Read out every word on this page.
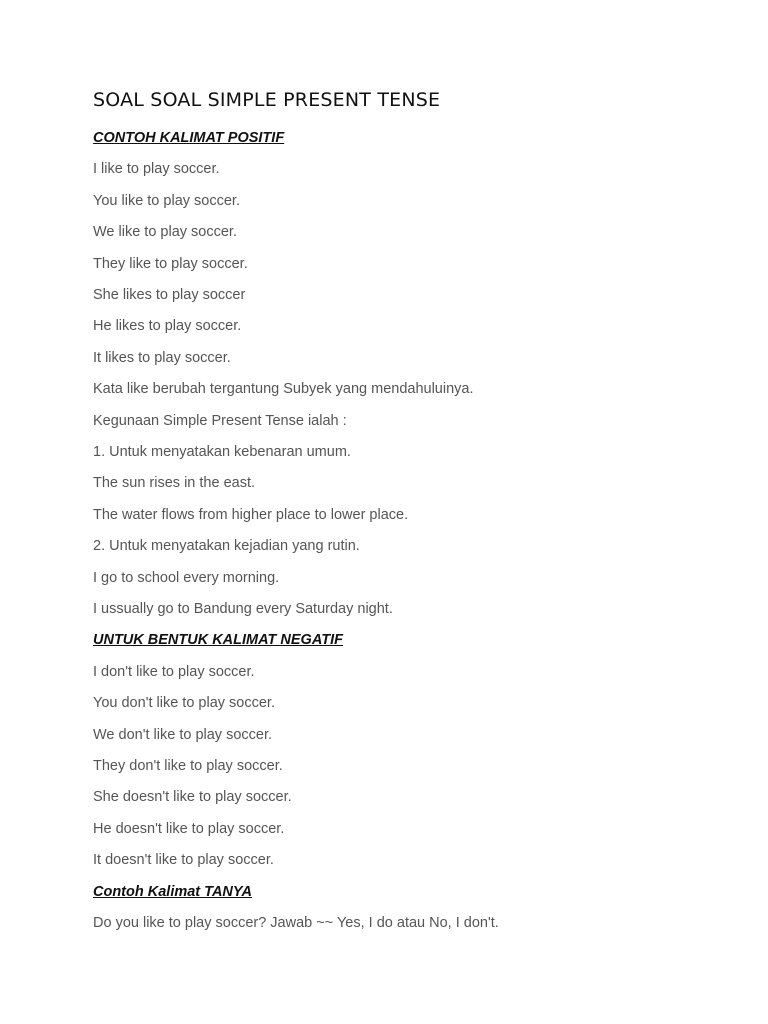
SOAL SOAL SIMPLE PRESENT TENSE

CONTOH KALIMAT POSITIF

I like to play soccer.

You like to play soccer.

We like to play soccer.

They like to play soccer.

She likes to play soccer

He likes to play soccer.

It likes to play soccer.

Kata like berubah tergantung Subyek yang mendahuluinya.

Kegunaan Simple Present Tense ialah :

1. Untuk menyatakan kebenaran umum.

The sun rises in the east.

The water flows from higher place to lower place.

2. Untuk menyatakan kejadian yang rutin.

I go to school every morning.

I ussually go to Bandung every Saturday night.

UNTUK BENTUK KALIMAT NEGATIF

I don't like to play soccer.

You don't like to play soccer.

We don't like to play soccer.

They don't like to play soccer.

She doesn't like to play soccer.

He doesn't like to play soccer.

It doesn't like to play soccer.

Contoh Kalimat TANYA

Do you like to play soccer? Jawab ~~ Yes, I do atau No, I don't.
